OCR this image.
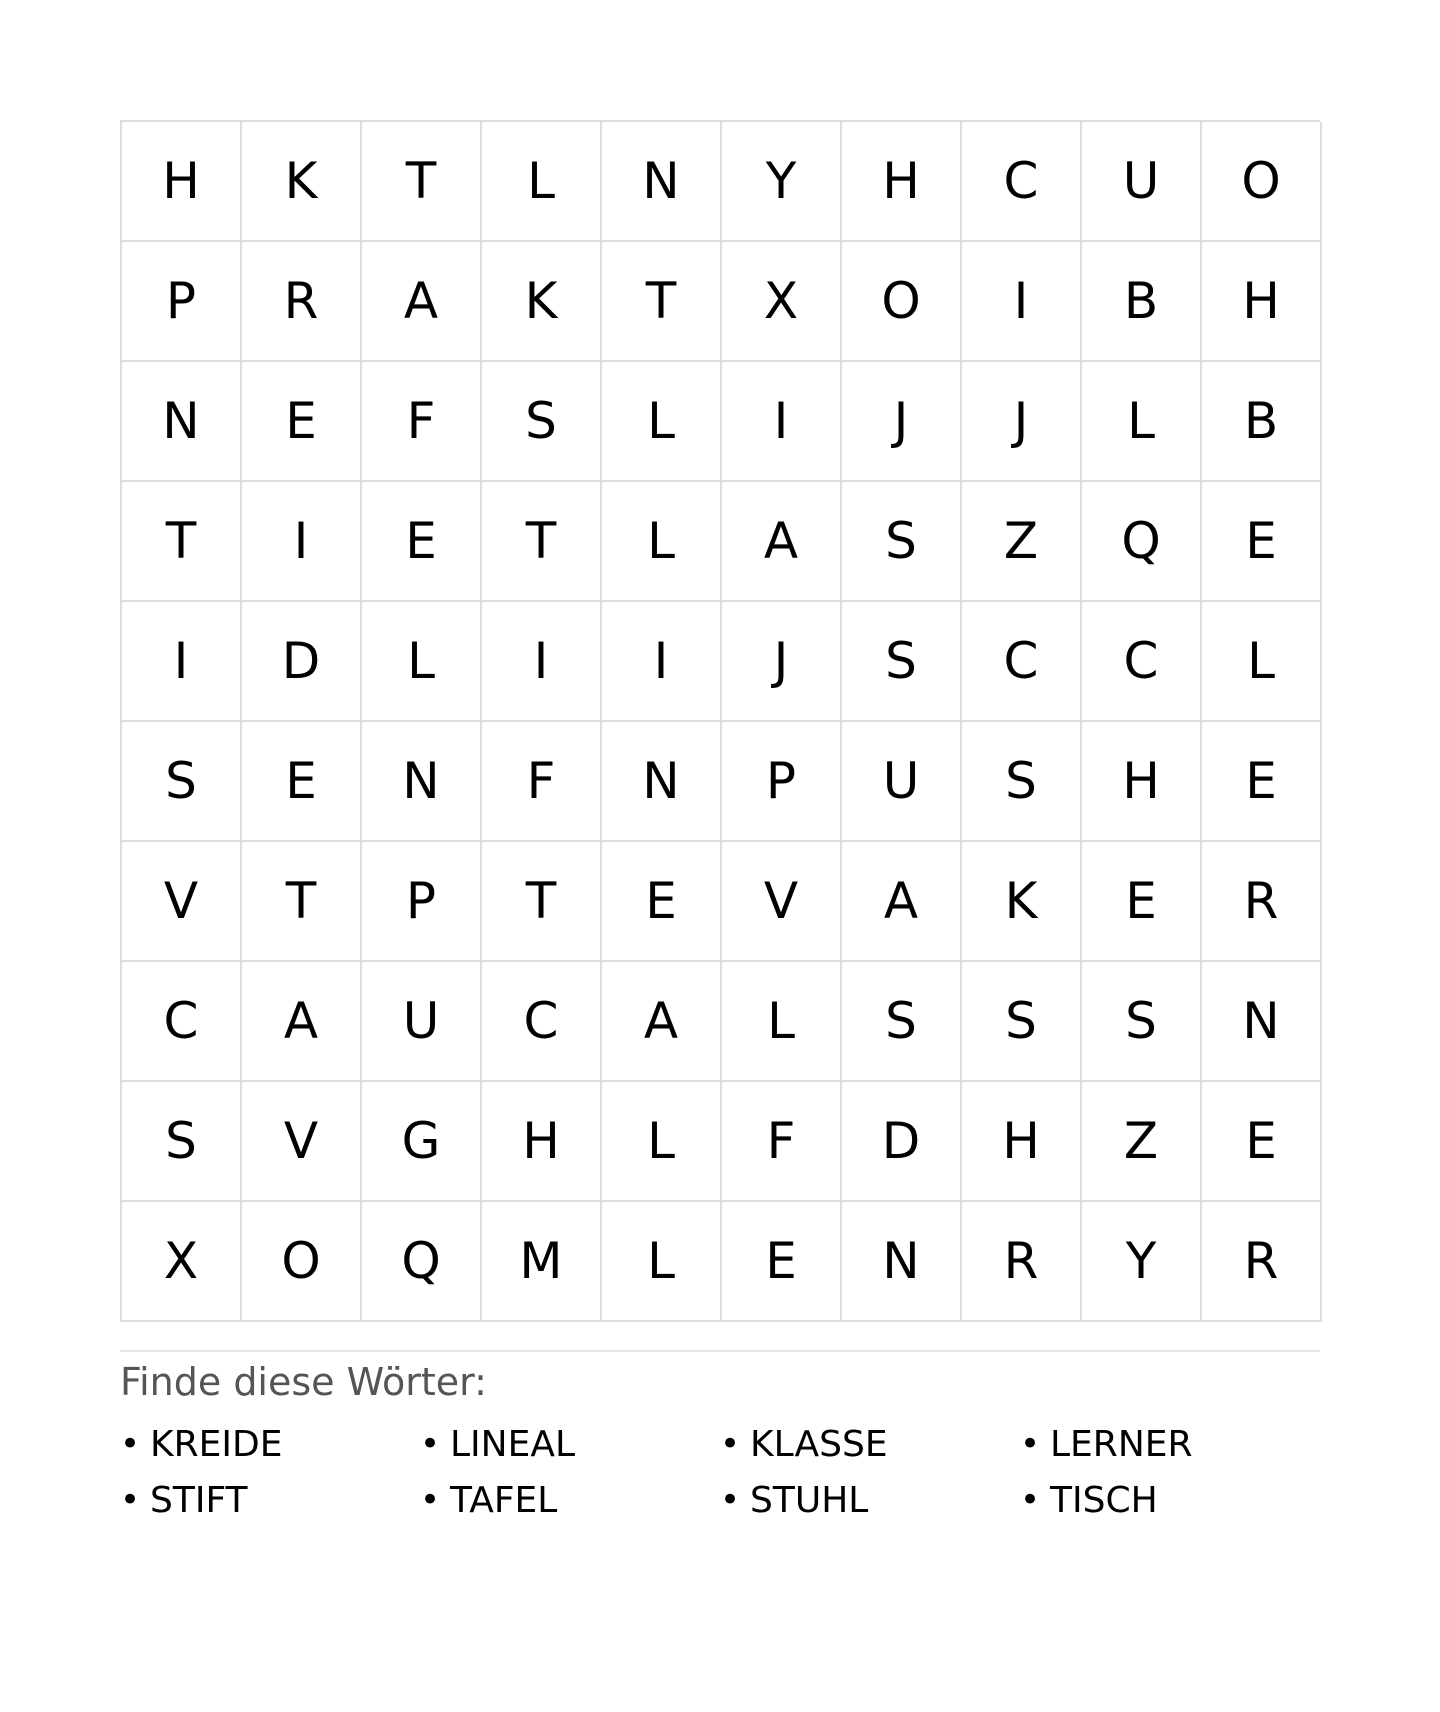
H	K	T	L	N	Y	H	C	U	O
P	R	A	K	T	X	O	I	B	H
N	E	F	S	L	I	J	J	L	B
T	I	E	T	L	A	S	Z	Q	E
I	D	L	I	I	J	S	C	C	L
S	E	N	F	N	P	U	S	H	E
V	T	P	T	E	V	A	K	E	R
C	A	U	C	A	L	S	S	S	N
S	V	G	H	L	F	D	H	Z	E
X	O	Q	M	L	E	N	R	Y	R
Finde diese Wörter:
• KREIDE	• LINEAL	• KLASSE	• LERNER
• STIFT	• TAFEL	• STUHL	• TISCH
